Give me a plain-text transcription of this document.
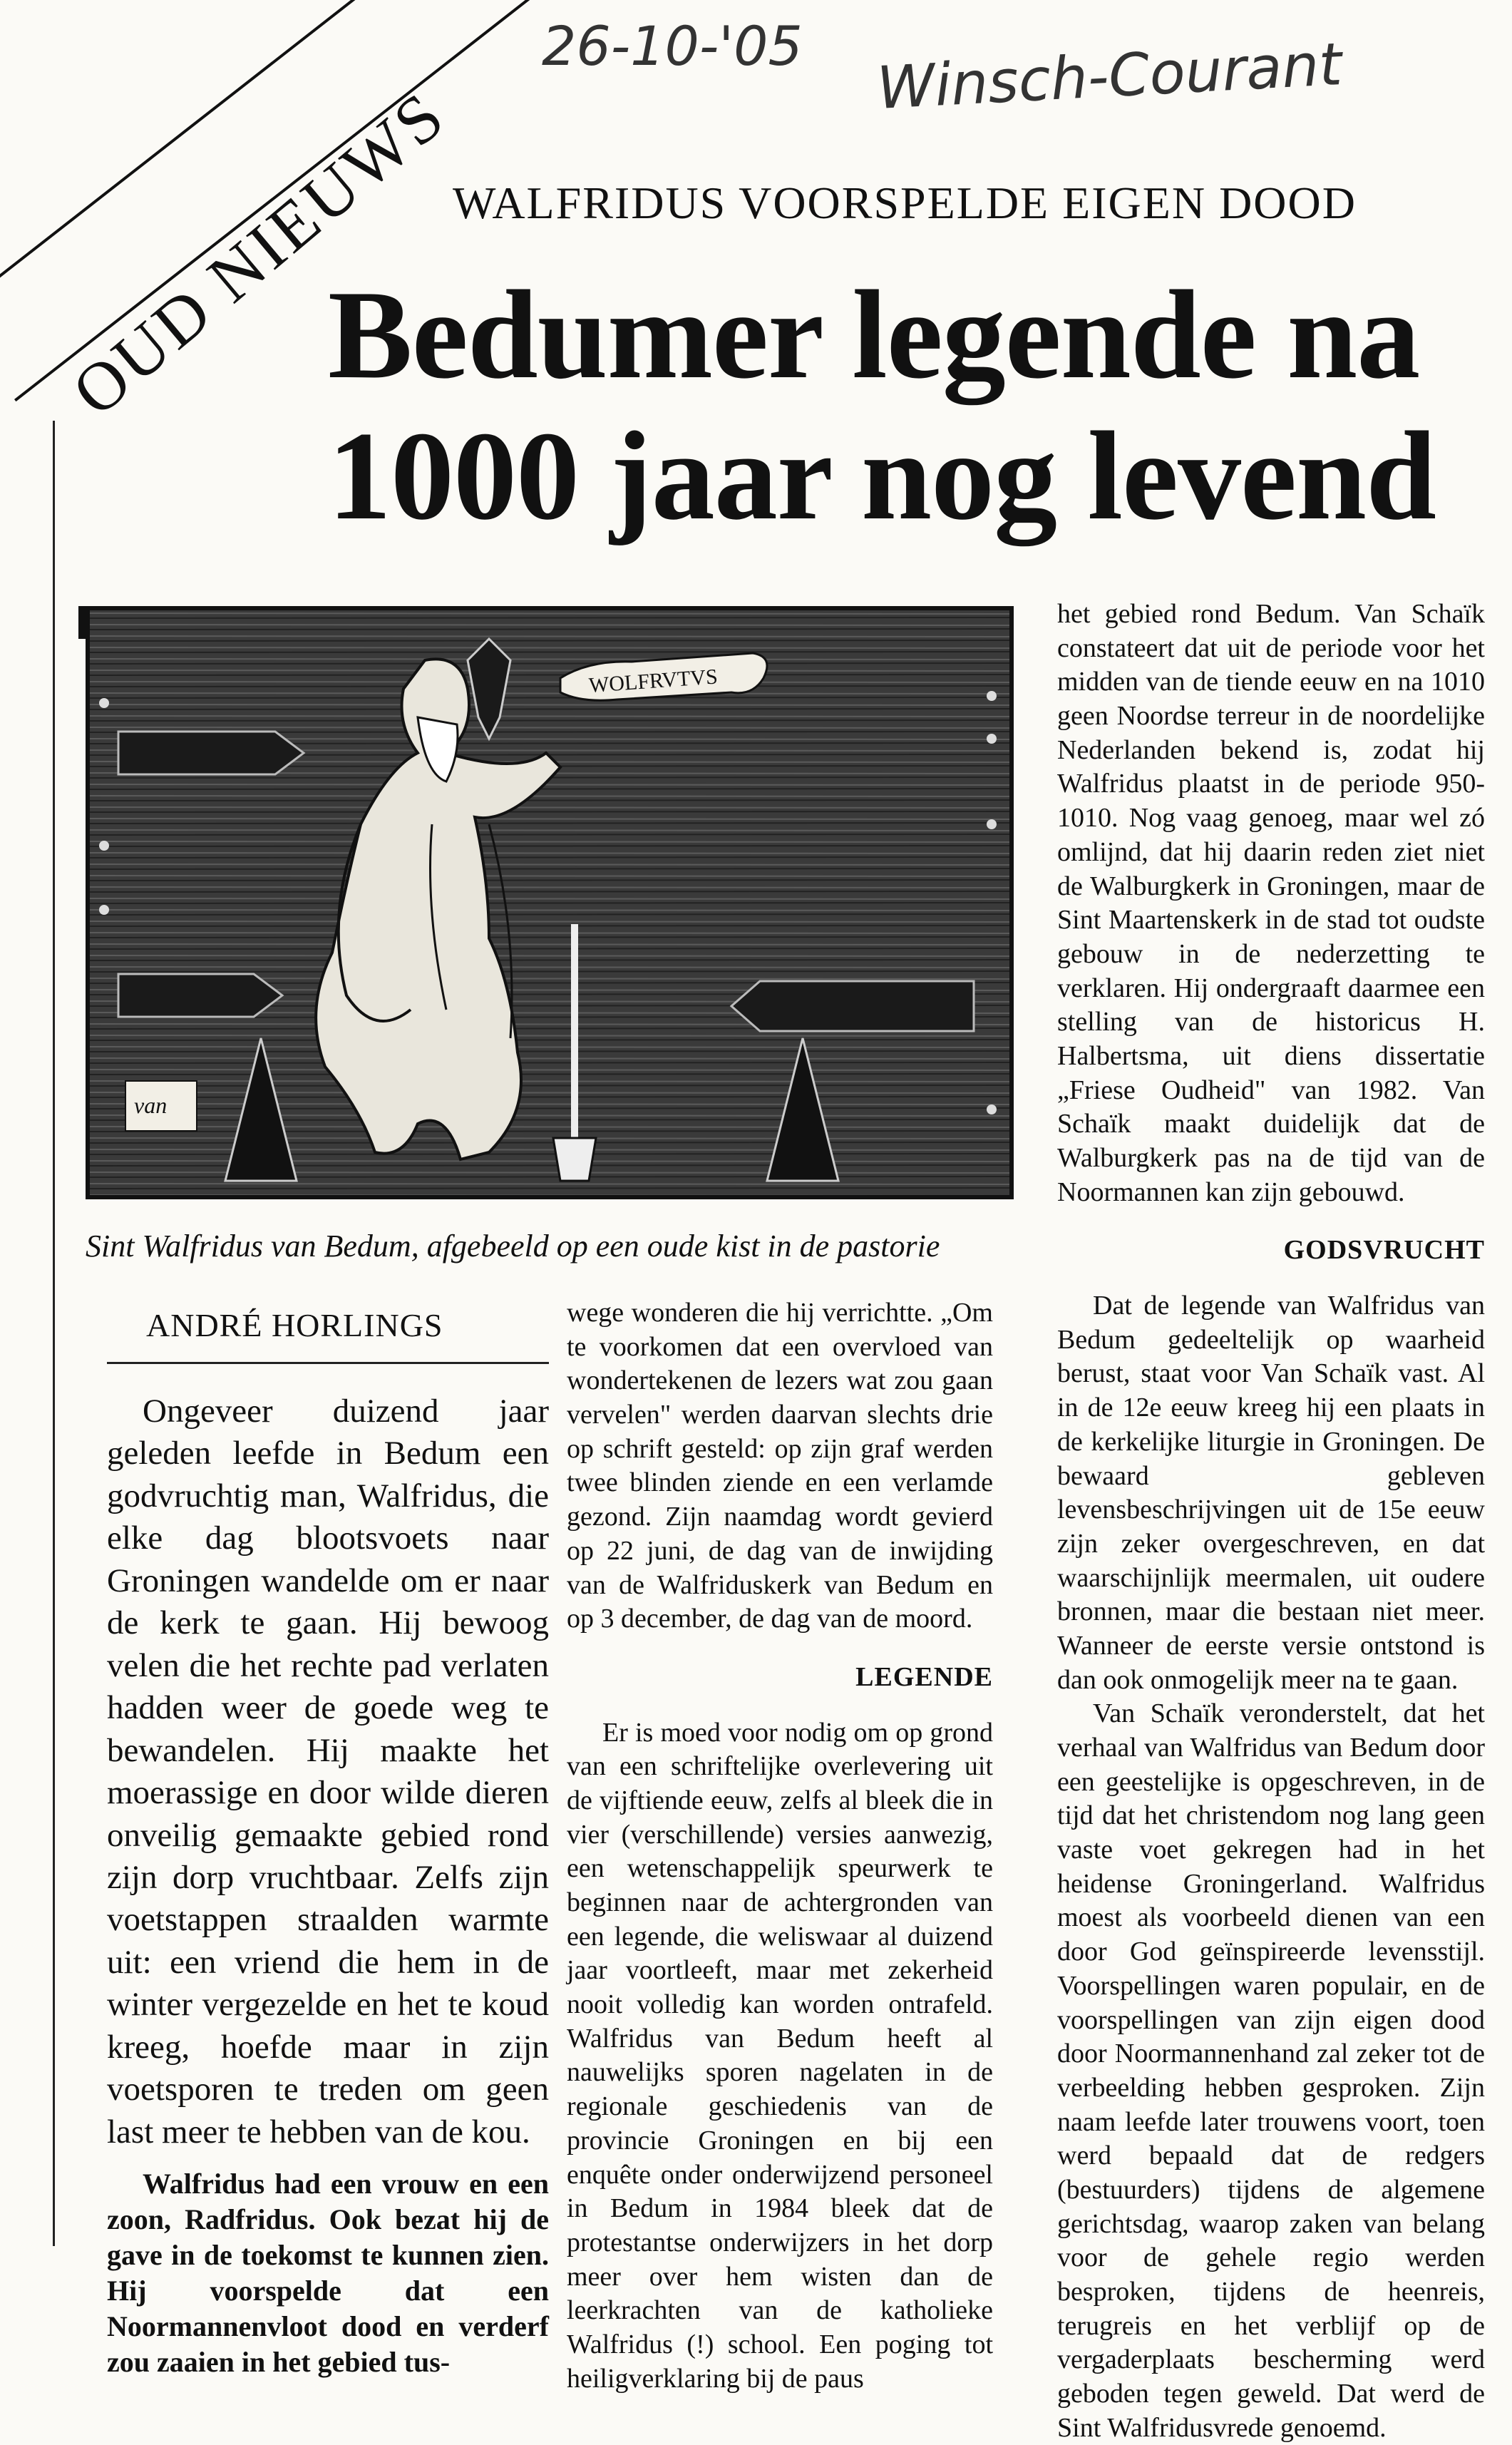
OUD NIEUWS
26-10-'05 Winsch-Courant
WALFRIDUS VOORSPELDE EIGEN DOOD
Bedumer legende na
1000 jaar nog levend
WOLFRVTVS
van
Sint Walfridus van Bedum, afgebeeld op een oude kist in de pastorie
ANDRÉ HORLINGS

Ongeveer duizend jaar geleden leefde in Bedum een godvruchtig man, Walfridus, die elke dag blootsvoets naar Groningen wandelde om er naar de kerk te gaan. Hij bewoog velen die het rechte pad verlaten hadden weer de goede weg te bewandelen. Hij maakte het moerassige en door wilde dieren onveilig gemaakte gebied rond zijn dorp vruchtbaar. Zelfs zijn voetstappen straalden warmte uit: een vriend die hem in de winter vergezelde en het te koud kreeg, hoefde maar in zijn voetsporen te treden om geen last meer te hebben van de kou.

Walfridus had een vrouw en een zoon, Radfridus. Ook bezat hij de gave in de toekomst te kunnen zien. Hij voorspelde dat een Noormannenvloot dood en verderf zou zaaien in het gebied tus-

wege wonderen die hij verrichtte. „Om te voorkomen dat een overvloed van wondertekenen de lezers wat zou gaan vervelen" werden daarvan slechts drie op schrift gesteld: op zijn graf werden twee blinden ziende en een verlamde gezond. Zijn naamdag wordt gevierd op 22 juni, de dag van de inwijding van de Walfriduskerk van Bedum en op 3 december, de dag van de moord.

LEGENDE

Er is moed voor nodig om op grond van een schriftelijke overlevering uit de vijftiende eeuw, zelfs al bleek die in vier (verschillende) versies aanwezig, een wetenschappelijk speurwerk te beginnen naar de achtergronden van een legende, die weliswaar al duizend jaar voortleeft, maar met zekerheid nooit volledig kan worden ontrafeld. Walfridus van Bedum heeft al nauwelijks sporen nagelaten in de regionale geschiedenis van de provincie Groningen en bij een enquête onder onderwijzend personeel in Bedum in 1984 bleek dat de protestantse onderwijzers in het dorp meer over hem wisten dan de leerkrachten van de katholieke Walfridus (!) school. Een poging tot heiligverklaring bij de paus

het gebied rond Bedum. Van Schaïk constateert dat uit de periode voor het midden van de tiende eeuw en na 1010 geen Noordse terreur in de noordelijke Nederlanden bekend is, zodat hij Walfridus plaatst in de periode 950-1010. Nog vaag genoeg, maar wel zó omlijnd, dat hij daarin reden ziet niet de Walburgkerk in Groningen, maar de Sint Maartenskerk in de stad tot oudste gebouw in de nederzetting te verklaren. Hij ondergraaft daarmee een stelling van de historicus H. Halbertsma, uit diens dissertatie „Friese Oudheid" van 1982. Van Schaïk maakt duidelijk dat de Walburgkerk pas na de tijd van de Noormannen kan zijn gebouwd.

GODSVRUCHT

Dat de legende van Walfridus van Bedum gedeeltelijk op waarheid berust, staat voor Van Schaïk vast. Al in de 12e eeuw kreeg hij een plaats in de kerkelijke liturgie in Groningen. De bewaard gebleven levensbeschrijvingen uit de 15e eeuw zijn zeker overgeschreven, en dat waarschijnlijk meermalen, uit oudere bronnen, maar die bestaan niet meer. Wanneer de eerste versie ontstond is dan ook onmogelijk meer na te gaan.

Van Schaïk veronderstelt, dat het verhaal van Walfridus van Bedum door een geestelijke is opgeschreven, in de tijd dat het christendom nog lang geen vaste voet gekregen had in het heidense Groningerland. Walfridus moest als voorbeeld dienen van een door God geïnspireerde levensstijl. Voorspellingen waren populair, en de voorspellingen van zijn eigen dood door Noormannenhand zal zeker tot de verbeelding hebben gesproken. Zijn naam leefde later trouwens voort, toen werd bepaald dat de redgers (bestuurders) tijdens de algemene gerichtsdag, waarop zaken van belang voor de gehele regio werden besproken, tijdens de heenreis, terugreis en het verblijf op de vergaderplaats bescherming werd geboden tegen geweld. Dat werd de Sint Walfridusvrede genoemd.
